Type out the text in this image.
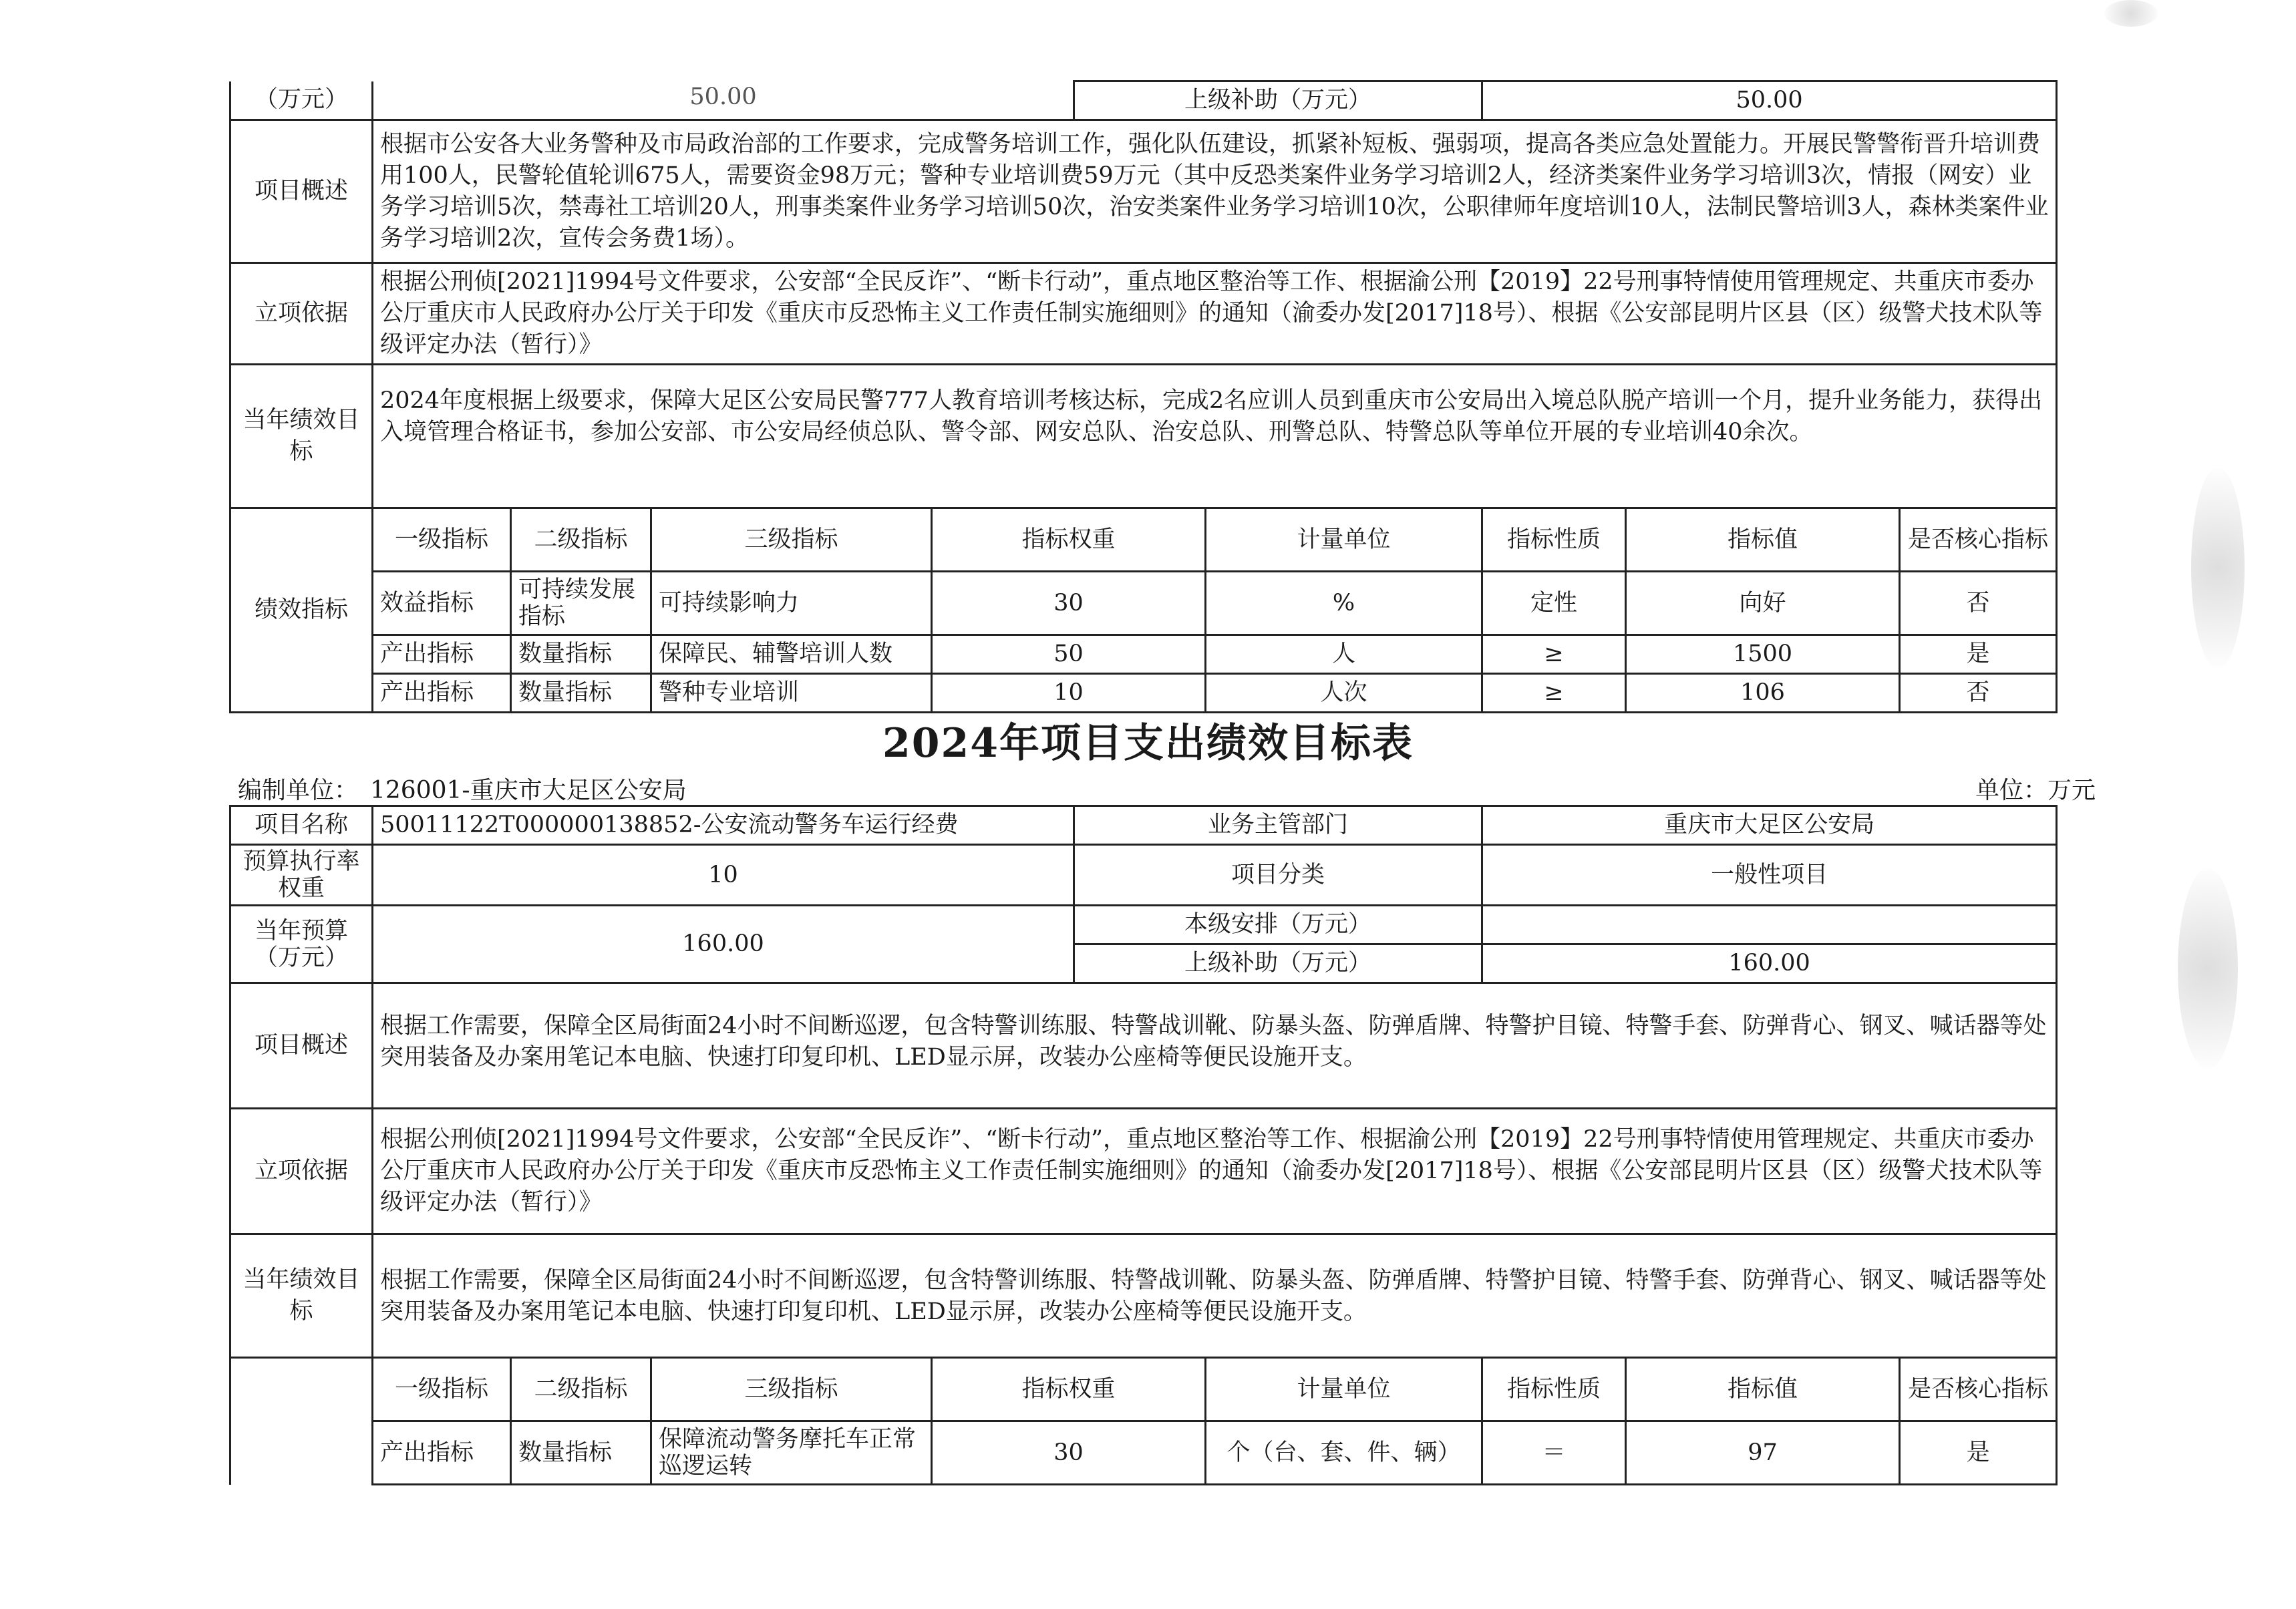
（万元）	50.00				上级补助（万元）		50.00		
项目概述	根据市公安各大业务警种及市局政治部的工作要求，完成警务培训工作，强化队伍建设，抓紧补短板、强弱项，提高各类应急处置能力。开展民警警衔晋升培训费用100人，民警轮值轮训675人，需要资金98万元；警种专业培训费59万元（其中反恐类案件业务学习培训2人，经济类案件业务学习培训3次，情报（网安）业务学习培训5次，禁毒社工培训20人，刑事类案件业务学习培训50次，治安类案件业务学习培训10次，公职律师年度培训10人，法制民警培训3人，森林类案件业务学习培训2次，宣传会务费1场）。								
立项依据	根据公刑侦[2021]1994号文件要求，公安部“全民反诈”、“断卡行动”，重点地区整治等工作、根据渝公刑【2019】22号刑事特情使用管理规定、共重庆市委办公厅重庆市人民政府办公厅关于印发《重庆市反恐怖主义工作责任制实施细则》的通知（渝委办发[2017]18号）、根据《公安部昆明片区县（区）级警犬技术队等级评定办法（暂行）》								
当年绩效目标	2024年度根据上级要求，保障大足区公安局民警777人教育培训考核达标，完成2名应训人员到重庆市公安局出入境总队脱产培训一个月，提升业务能力，获得出入境管理合格证书，参加公安部、市公安局经侦总队、警令部、网安总队、治安总队、刑警总队、特警总队等单位开展的专业培训40余次。								
绩效指标	一级指标	二级指标	三级指标	指标权重		计量单位	指标性质	指标值	是否核心指标
	效益指标	可持续发展指标	可持续影响力	30		%	定性	向好	否
	产出指标	数量指标	保障民、辅警培训人数	50		人	≥	1500	是
	产出指标	数量指标	警种专业培训	10		人次	≥	106	否
2024年项目支出绩效目标表
编制单位：　126001-重庆市大足区公安局	单位：万元
项目名称	50011122T000000138852-公安流动警务车运行经费				业务主管部门		重庆市大足区公安局		
预算执行率权重	10				项目分类		一般性项目		
当年预算（万元）	160.00				本级安排（万元）				
					上级补助（万元）		160.00		
项目概述	根据工作需要，保障全区局街面24小时不间断巡逻，包含特警训练服、特警战训靴、防暴头盔、防弹盾牌、特警护目镜、特警手套、防弹背心、钢叉、喊话器等处突用装备及办案用笔记本电脑、快速打印复印机、LED显示屏，改装办公座椅等便民设施开支。								
立项依据	根据公刑侦[2021]1994号文件要求，公安部“全民反诈”、“断卡行动”，重点地区整治等工作、根据渝公刑【2019】22号刑事特情使用管理规定、共重庆市委办公厅重庆市人民政府办公厅关于印发《重庆市反恐怖主义工作责任制实施细则》的通知（渝委办发[2017]18号）、根据《公安部昆明片区县（区）级警犬技术队等级评定办法（暂行）》								
当年绩效目标	根据工作需要，保障全区局街面24小时不间断巡逻，包含特警训练服、特警战训靴、防暴头盔、防弹盾牌、特警护目镜、特警手套、防弹背心、钢叉、喊话器等处突用装备及办案用笔记本电脑、快速打印复印机、LED显示屏，改装办公座椅等便民设施开支。								
	一级指标	二级指标	三级指标	指标权重		计量单位	指标性质	指标值	是否核心指标
	产出指标	数量指标	保障流动警务摩托车正常巡逻运转	30		个（台、套、件、辆）	＝	97	是
